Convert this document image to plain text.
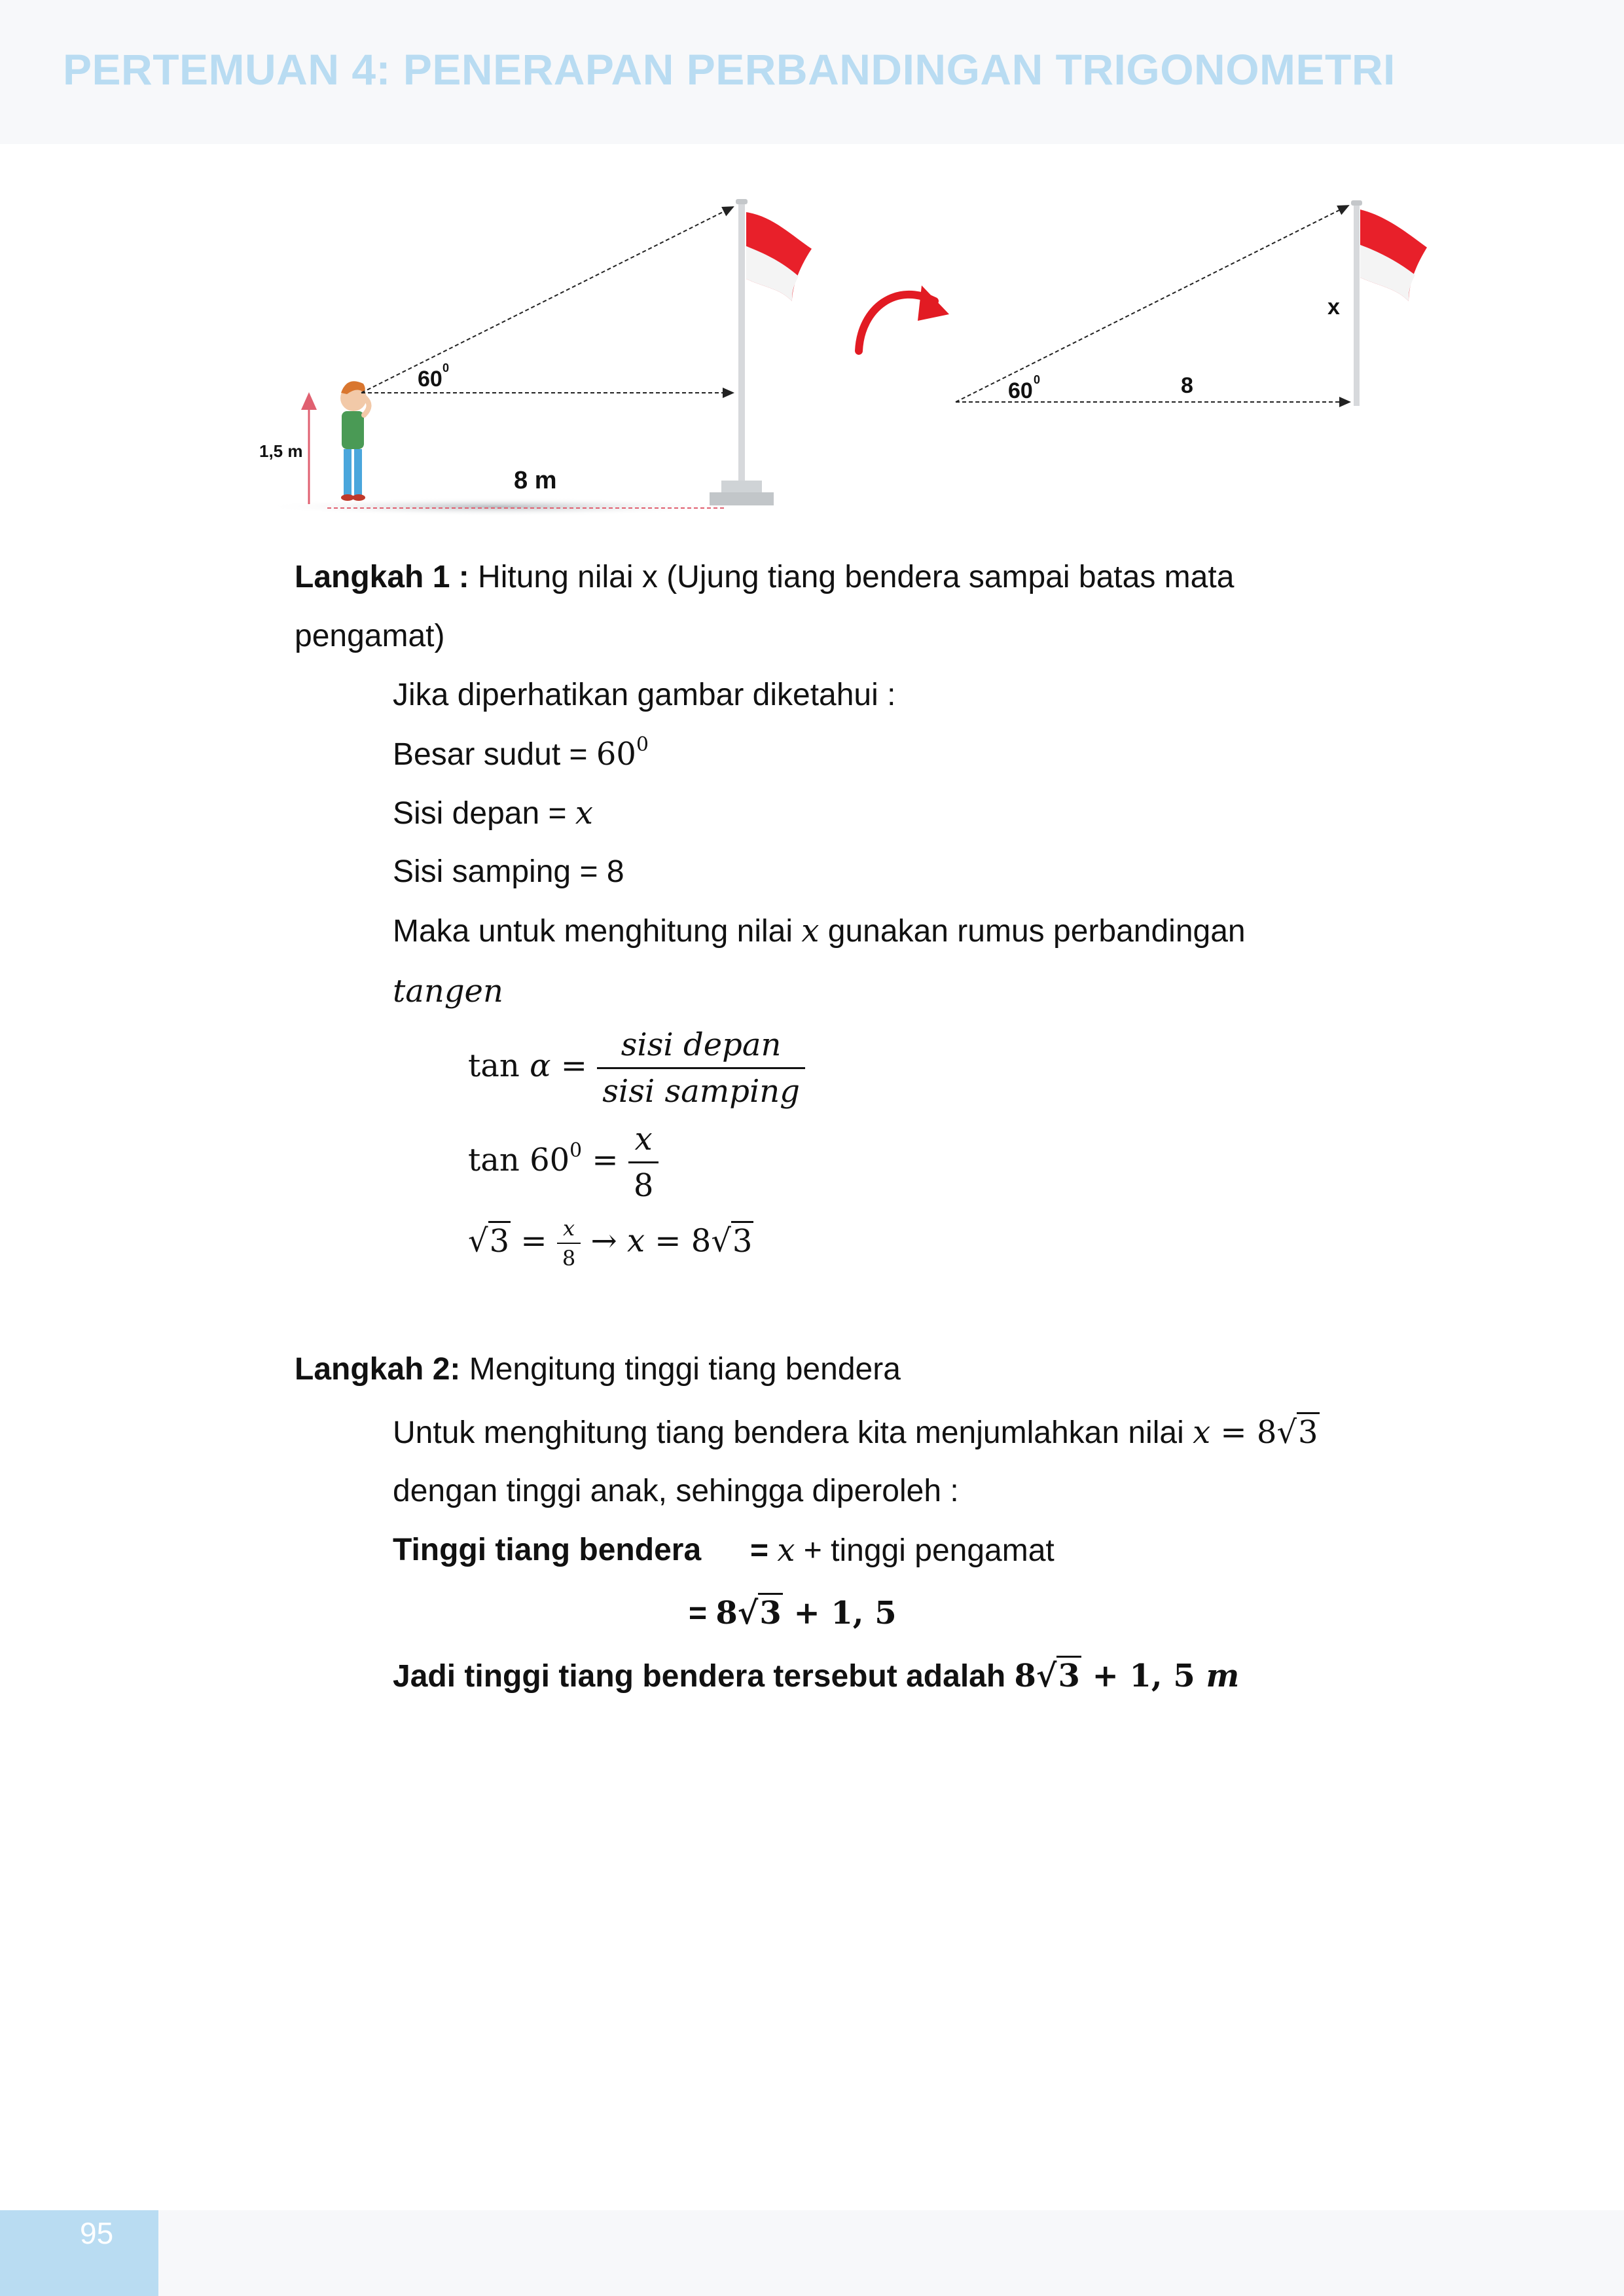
PERTEMUAN 4: PENERAPAN PERBANDINGAN TRIGONOMETRI
1,5 m
8 m
60 0
60 0	8
x
Langkah 1 : Hitung nilai x (Ujung tiang bendera sampai batas mata
pengamat)
Jika diperhatikan gambar diketahui :
Besar sudut = $60^0$
Sisi depan = x
Sisi samping = 8
Maka untuk menghitung nilai x gunakan rumus perbandingan
tangen
$\tan \alpha = \frac{\text{sisi depan}}{\text{sisi samping}}$
$\tan 60^0 = \frac{x}{8}$
$√3 = \frac{x}{8} \to x = 8√3$
Langkah 2: Mengitung tinggi tiang bendera
Untuk menghitung tiang bendera kita menjumlahkan nilai x = 8√3
dengan tinggi anak, sehingga diperoleh :
Tinggi tiang bendera = x + tinggi pengamat
= 8√3 + 1, 5
Jadi tinggi tiang bendera tersebut adalah 8√3 + 1, 5 m
95
